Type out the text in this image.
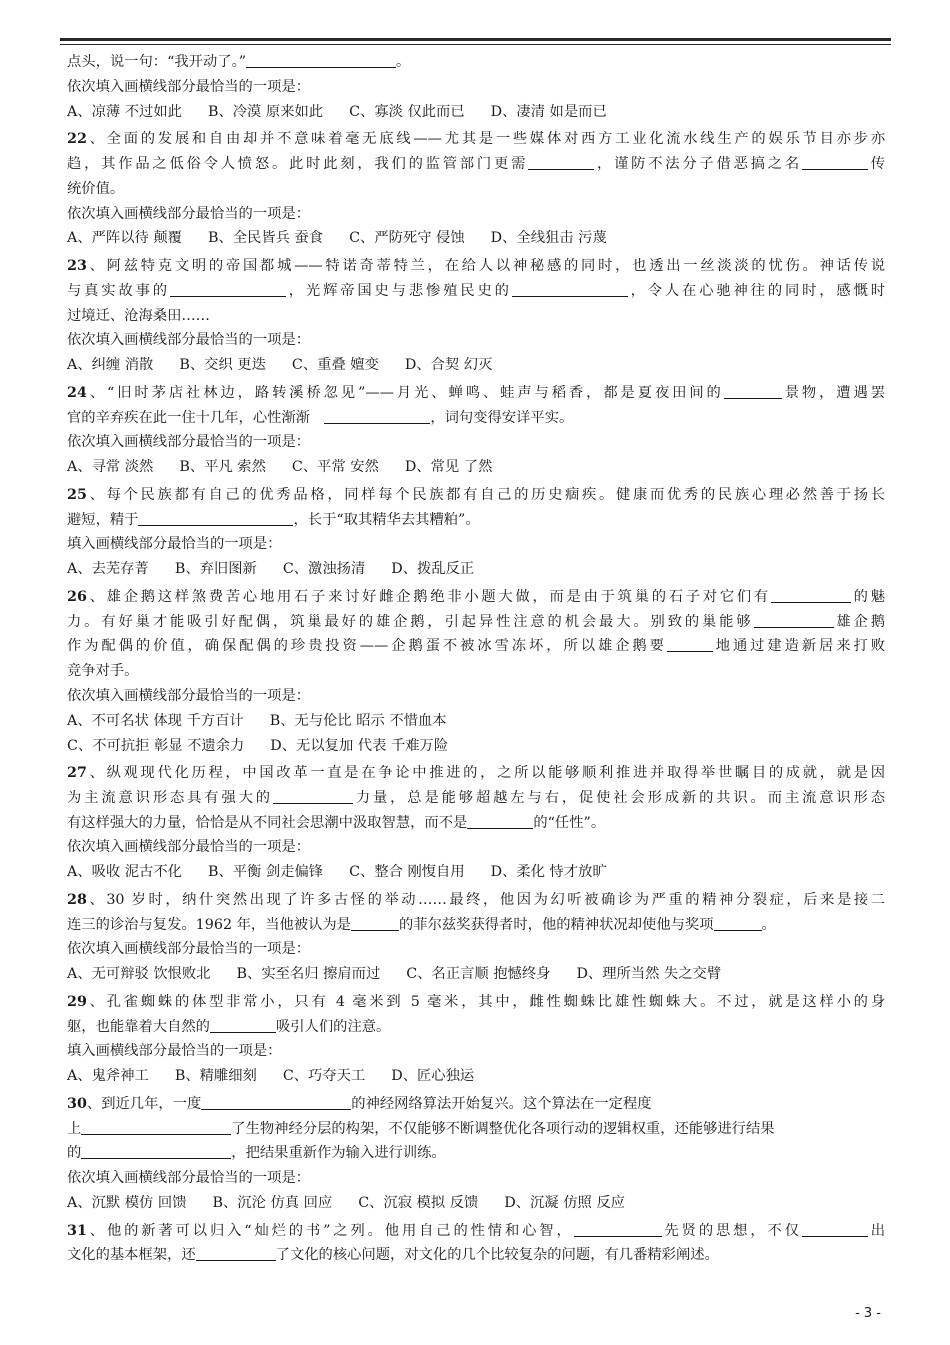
点头，说一句：“我开动了。”	。
依次填入画横线部分最恰当的一项是：
A、凉薄 不过如此 B、冷漠 原来如此 C、寡淡 仅此而已 D、凄清 如是而已
22、全面的发展和自由却并不意味着毫无底线——尤其是一些媒体对西方工业化流水线生产的娱乐节目亦步亦
趋，其作品之低俗令人愤怒。此时此刻，我们的监管部门更需	，谨防不法分子借恶搞之名	传
统价值。
依次填入画横线部分最恰当的一项是：
A、严阵以待 颠覆 B、全民皆兵 蚕食 C、严防死守 侵蚀 D、全线狙击 污蔑
23、阿兹特克文明的帝国都城——特诺奇蒂特兰，在给人以神秘感的同时，也透出一丝淡淡的忧伤。神话传说
与真实故事的	，光辉帝国史与悲惨殖民史的	，令人在心驰神往的同时，感慨时
过境迁、沧海桑田……
依次填入画横线部分最恰当的一项是：
A、纠缠 消散 B、交织 更迭 C、重叠 嬗变 D、合契 幻灭
24、“旧时茅店社林边，路转溪桥忽见”——月光、蝉鸣、蛙声与稻香，都是夏夜田间的	景物，遭遇罢
官的辛弃疾在此一住十几年，心性渐渐　	，词句变得安详平实。
依次填入画横线部分最恰当的一项是：
A、寻常 淡然 B、平凡 索然 C、平常 安然 D、常见 了然
25、每个民族都有自己的优秀品格，同样每个民族都有自己的历史痼疾。健康而优秀的民族心理必然善于扬长
避短，精于	，长于“取其精华去其糟粕”。
填入画横线部分最恰当的一项是：
A、去芜存菁 B、弃旧图新 C、激浊扬清 D、拨乱反正
26、雄企鹅这样煞费苦心地用石子来讨好雌企鹅绝非小题大做，而是由于筑巢的石子对它们有	的魅
力。有好巢才能吸引好配偶，筑巢最好的雄企鹅，引起异性注意的机会最大。别致的巢能够	雄企鹅
作为配偶的价值，确保配偶的珍贵投资——企鹅蛋不被冰雪冻坏，所以雄企鹅要	地通过建造新居来打败
竞争对手。
依次填入画横线部分最恰当的一项是：
A、不可名状 体现 千方百计 B、无与伦比 昭示 不惜血本
C、不可抗拒 彰显 不遗余力 D、无以复加 代表 千难万险
27、纵观现代化历程，中国改革一直是在争论中推进的，之所以能够顺利推进并取得举世瞩目的成就，就是因
为主流意识形态具有强大的	力量，总是能够超越左与右，促使社会形成新的共识。而主流意识形态
有这样强大的力量，恰恰是从不同社会思潮中汲取智慧，而不是	的“任性”。
依次填入画横线部分最恰当的一项是：
A、吸收 泥古不化 B、平衡 剑走偏锋 C、整合 刚愎自用 D、柔化 恃才放旷
28、30 岁时，纳什突然出现了许多古怪的举动……最终，他因为幻听被确诊为严重的精神分裂症，后来是接二
连三的诊治与复发。1962 年，当他被认为是	的菲尔兹奖获得者时，他的精神状况却使他与奖项	。
依次填入画横线部分最恰当的一项是：
A、无可辩驳 饮恨败北 B、实至名归 擦肩而过 C、名正言顺 抱憾终身 D、理所当然 失之交臂
29、孔雀蜘蛛的体型非常小，只有 4 毫米到 5 毫米，其中，雌性蜘蛛比雄性蜘蛛大。不过，就是这样小的身
躯，也能靠着大自然的	吸引人们的注意。
填入画横线部分最恰当的一项是：
A、鬼斧神工 B、精雕细刻 C、巧夺天工 D、匠心独运
30、到近几年，一度	的神经网络算法开始复兴。这个算法在一定程度
上	了生物神经分层的构架，不仅能够不断调整优化各项行动的逻辑权重，还能够进行结果
的	，把结果重新作为输入进行训练。
依次填入画横线部分最恰当的一项是：
A、沉默 模仿 回馈 B、沉沦 仿真 回应 C、沉寂 模拟 反馈 D、沉凝 仿照 反应
31、他的新著可以归入“灿烂的书”之列。他用自己的性情和心智，	先贤的思想，不仅	出
文化的基本框架，还	了文化的核心问题，对文化的几个比较复杂的问题，有几番精彩阐述。
- 3 -
